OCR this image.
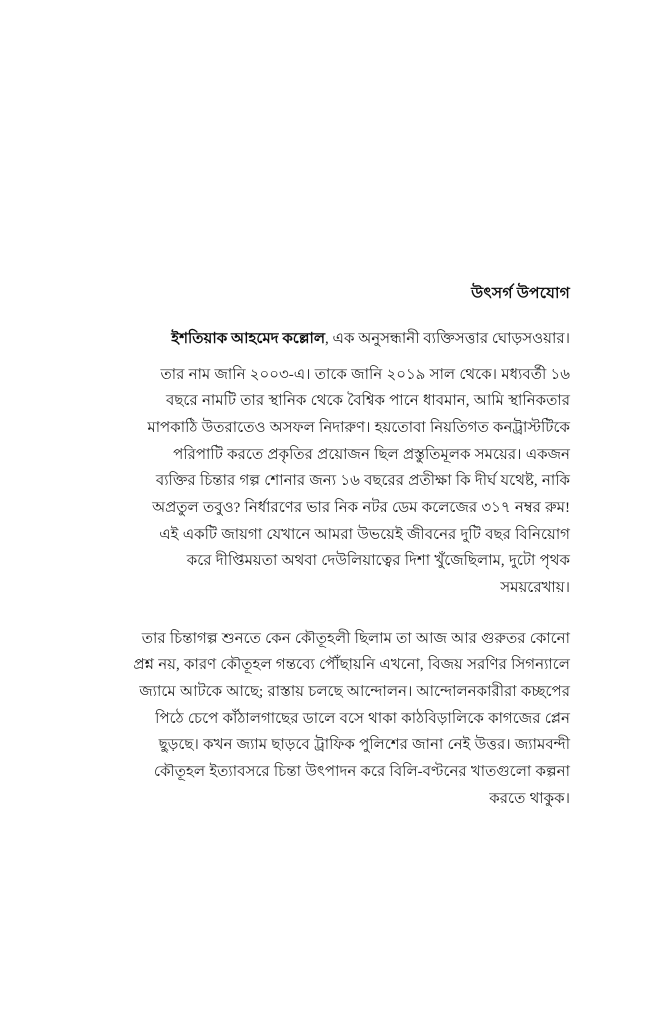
উৎসর্গ উপযোগ

ইশতিয়াক আহমেদ কল্লোল, এক অনুসন্ধানী ব্যক্তিসত্তার ঘোড়সওয়ার।

তার নাম জানি ২০০৩-এ। তাকে জানি ২০১৯ সাল থেকে। মধ্যবর্তী ১৬
বছরে নামটি তার স্থানিক থেকে বৈশ্বিক পানে ধাবমান, আমি স্থানিকতার
মাপকাঠি উতরাতেও অসফল নিদারুণ। হয়তোবা নিয়তিগত কনট্রাস্টটিকে
পরিপাটি করতে প্রকৃতির প্রয়োজন ছিল প্রস্তুতিমূলক সময়ের। একজন
ব্যক্তির চিন্তার গল্প শোনার জন্য ১৬ বছরের প্রতীক্ষা কি দীর্ঘ যথেষ্ট, নাকি
অপ্রতুল তবুও? নির্ধারণের ভার নিক নটর ডেম কলেজের ৩১৭ নম্বর রুম!
এই একটি জায়গা যেখানে আমরা উভয়েই জীবনের দুটি বছর বিনিয়োগ
করে দীপ্তিময়তা অথবা দেউলিয়াত্বের দিশা খুঁজেছিলাম, দুটো পৃথক
সময়রেখায়।

তার চিন্তাগল্প শুনতে কেন কৌতূহলী ছিলাম তা আজ আর গুরুতর কোনো
প্রশ্ন নয়, কারণ কৌতূহল গন্তব্যে পৌঁছায়নি এখনো, বিজয় সরণির সিগন্যালে
জ্যামে আটকে আছে; রাস্তায় চলছে আন্দোলন। আন্দোলনকারীরা কচ্ছপের
পিঠে চেপে কাঁঠালগাছের ডালে বসে থাকা কাঠবিড়ালিকে কাগজের প্লেন
ছুড়ছে। কখন জ্যাম ছাড়বে ট্রাফিক পুলিশের জানা নেই উত্তর। জ্যামবন্দী
কৌতূহল ইত্যাবসরে চিন্তা উৎপাদন করে বিলি-বণ্টনের খাতগুলো কল্পনা
করতে থাকুক।
